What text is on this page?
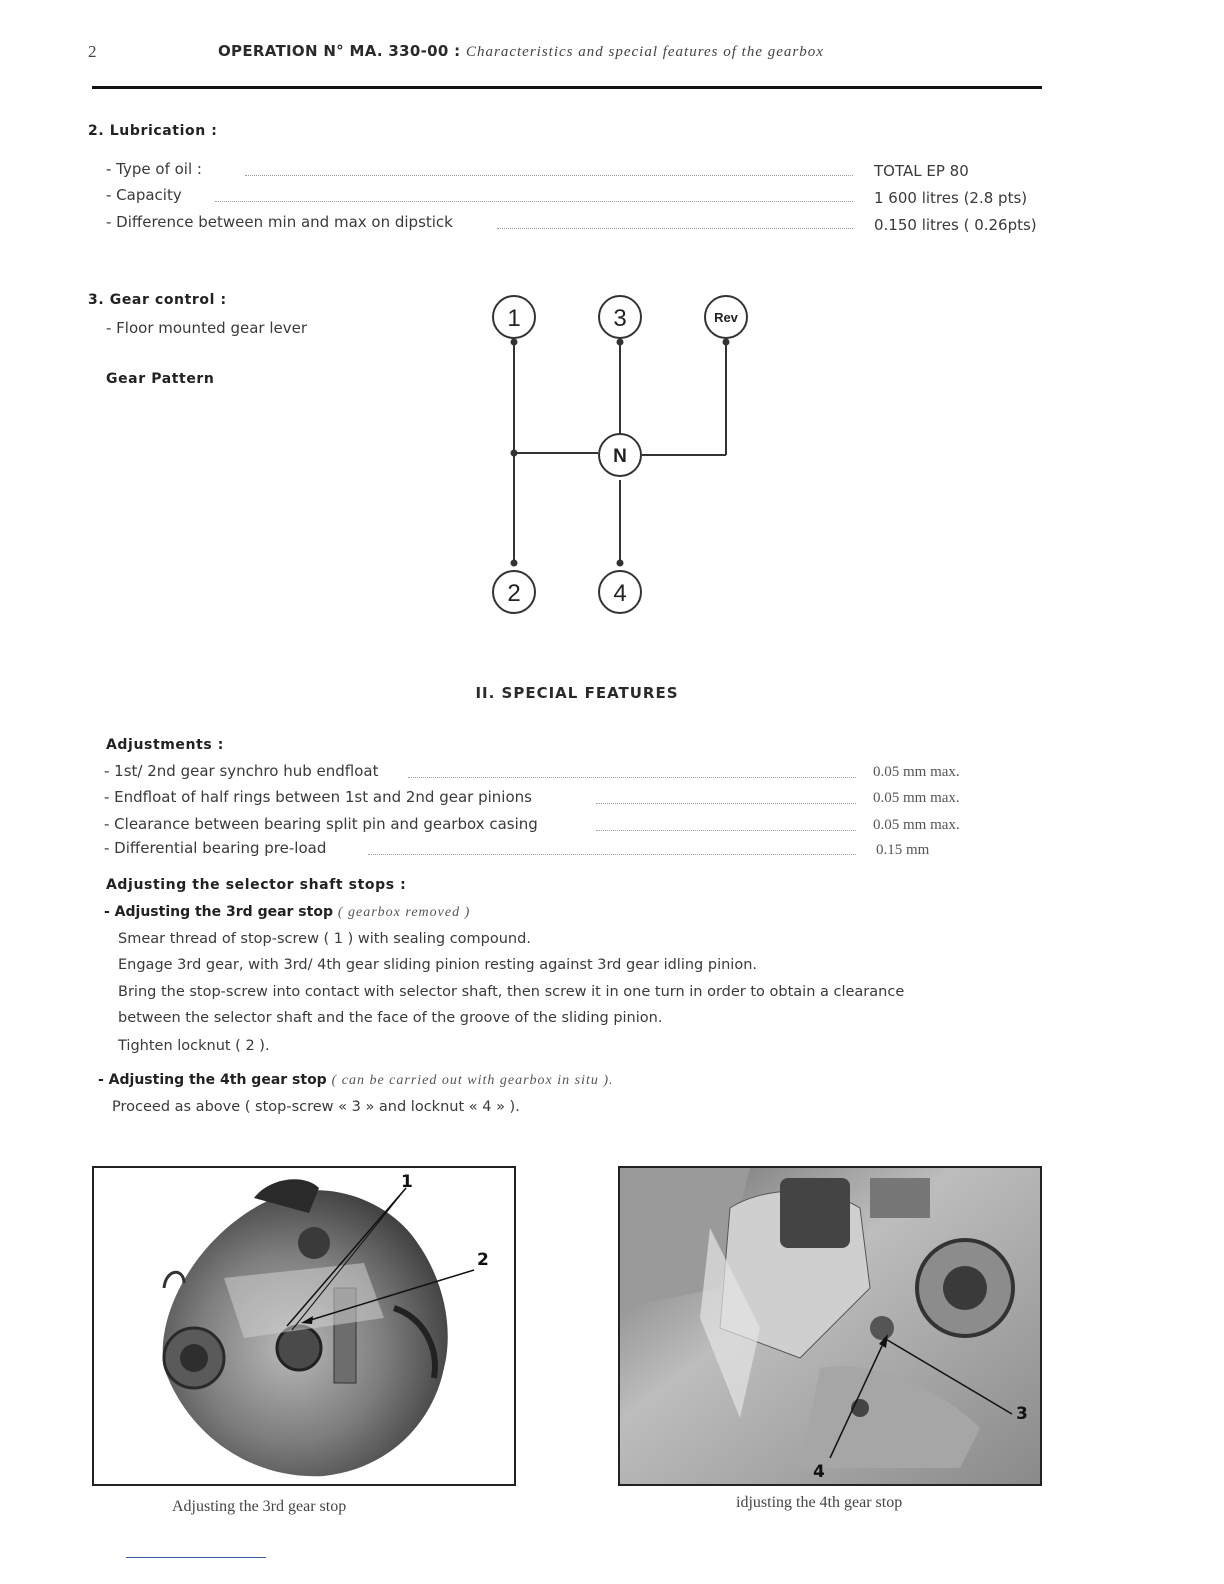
2	OPERATION N° MA. 330-00 : Characteristics and special features of the gearbox
2. Lubrication :
- Type of oil :	TOTAL EP 80
- Capacity	1 600 litres (2.8 pts)
- Difference between min and max on dipstick	0.150 litres ( 0.26pts)
3. Gear control :
- Floor mounted gear lever
Gear Pattern
1	3	Rev
N
2	4
II. SPECIAL FEATURES
Adjustments :
- 1st/ 2nd gear synchro hub endfloat	0.05 mm max.
- Endfloat of half rings between 1st and 2nd gear pinions	0.05 mm max.
- Clearance between bearing split pin and gearbox casing	0.05 mm max.
- Differential bearing pre-load	0.15 mm
Adjusting the selector shaft stops :
- Adjusting the 3rd gear stop ( gearbox removed )
Smear thread of stop-screw ( 1 ) with sealing compound.
Engage 3rd gear, with 3rd/ 4th gear sliding pinion resting against 3rd gear idling pinion.
Bring the stop-screw into contact with selector shaft, then screw it in one turn in order to obtain a clearance
between the selector shaft and the face of the groove of the sliding pinion.
Tighten locknut ( 2 ).
- Adjusting the 4th gear stop ( can be carried out with gearbox in situ ).
Proceed as above ( stop-screw « 3 » and locknut « 4 » ).
1
2
Adjusting the 3rd gear stop
3
4
idjusting the 4th gear stop
